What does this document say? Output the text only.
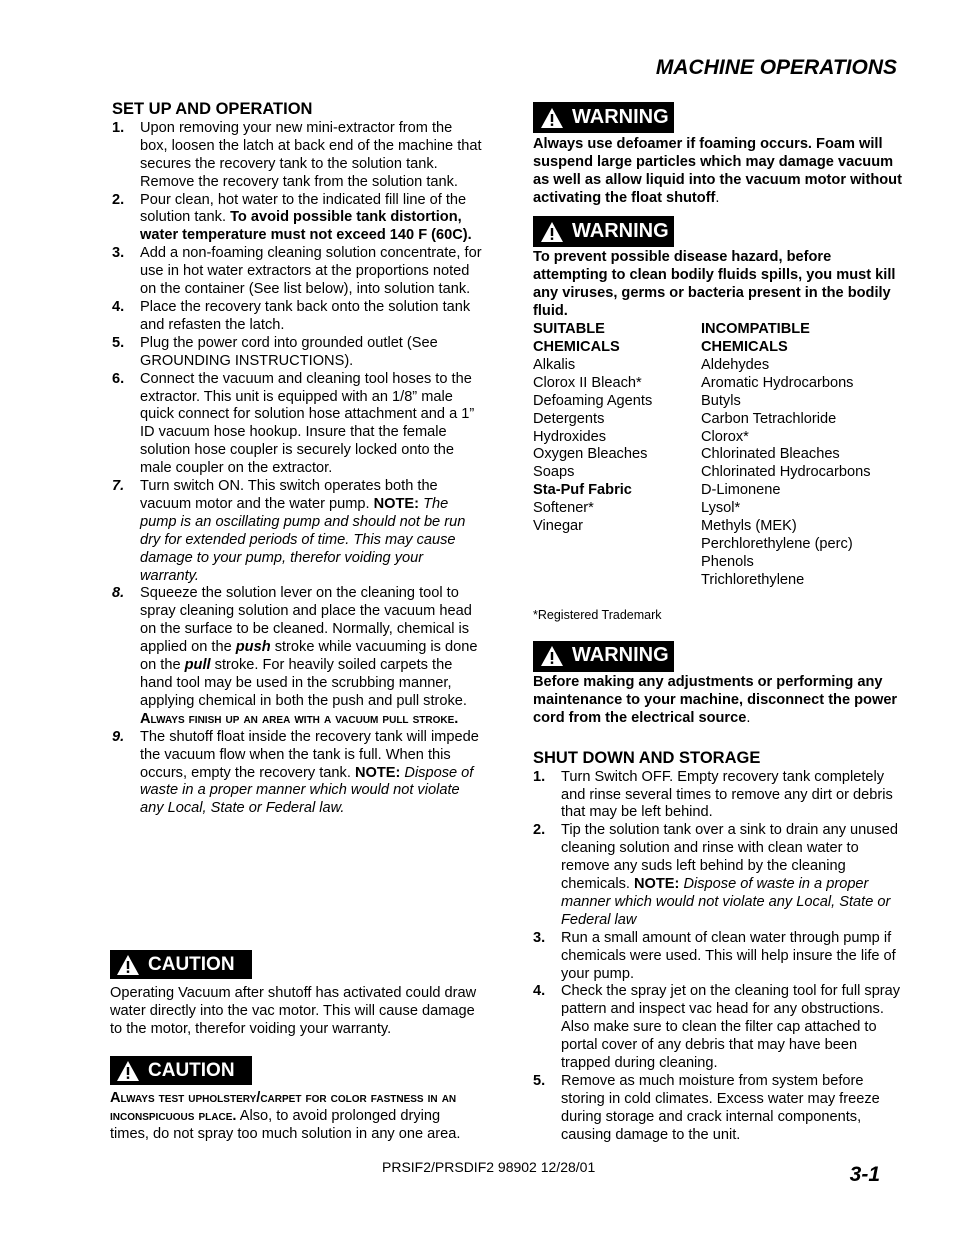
MACHINE OPERATIONS
SET UP AND OPERATION
1. Upon removing your new mini-extractor from the box, loosen the latch at back end of the machine that secures the recovery tank to the solution tank. Remove the recovery tank from the solution tank.
2. Pour clean, hot water to the indicated fill line of the solution tank. To avoid possible tank distortion, water temperature must not exceed 140 F (60C).
3. Add a non-foaming cleaning solution concentrate, for use in hot water extractors at the proportions noted on the container (See list below), into solution tank.
4. Place the recovery tank back onto the solution tank and refasten the latch.
5. Plug the power cord into grounded outlet (See GROUNDING INSTRUCTIONS).
6. Connect the vacuum and cleaning tool hoses to the extractor. This unit is equipped with an 1/8” male quick connect for solution hose attachment and a 1” ID vacuum hose hookup. Insure that the female solution hose coupler is securely locked onto the male coupler on the extractor.
7. Turn switch ON. This switch operates both the vacuum motor and the water pump. NOTE: The pump is an oscillating pump and should not be run dry for extended periods of time. This may cause damage to your pump, therefor voiding your warranty.
8. Squeeze the solution lever on the cleaning tool to spray cleaning solution and place the vacuum head on the surface to be cleaned. Normally, chemical is applied on the push stroke while vacuuming is done on the pull stroke. For heavily soiled carpets the hand tool may be used in the scrubbing manner, applying chemical in both the push and pull stroke. Always finish up an area with a vacuum pull stroke.
9. The shutoff float inside the recovery tank will impede the vacuum flow when the tank is full. When this occurs, empty the recovery tank. NOTE: Dispose of waste in a proper manner which would not violate any Local, State or Federal law.
CAUTION

Operating Vacuum after shutoff has activated could draw water directly into the vac motor. This will cause damage to the motor, therefor voiding your warranty.

CAUTION

Always test upholstery/carpet for color fastness in an inconspicuous place. Also, to avoid prolonged drying times, do not spray too much solution in any one area.

WARNING

Always use defoamer if foaming occurs. Foam will suspend large particles which may damage vacuum as well as allow liquid into the vacuum motor without activating the float shutoff.

WARNING

To prevent possible disease hazard, before attempting to clean bodily fluids spills, you must kill any viruses, germs or bacteria present in the bodily fluid.

SUITABLE
CHEMICALS
Alkalis
Clorox II Bleach*
Defoaming Agents
Detergents
Hydroxides
Oxygen Bleaches
Soaps
Sta-Puf Fabric
Softener*
Vinegar
INCOMPATIBLE
CHEMICALS
Aldehydes
Aromatic Hydrocarbons
Butyls
Carbon Tetrachloride
Clorox*
Chlorinated Bleaches
Chlorinated Hydrocarbons
D-Limonene
Lysol*
Methyls (MEK)
Perchlorethylene (perc)
Phenols
Trichlorethylene
*Registered Trademark
WARNING

Before making any adjustments or performing any maintenance to your machine, disconnect the power cord from the electrical source.

SHUT DOWN AND STORAGE
1. Turn Switch OFF. Empty recovery tank completely and rinse several times to remove any dirt or debris that may be left behind.
2. Tip the solution tank over a sink to drain any unused cleaning solution and rinse with clean water to remove any suds left behind by the cleaning chemicals. NOTE: Dispose of waste in a proper manner which would not violate any Local, State or Federal law
3. Run a small amount of clean water through pump if chemicals were used. This will help insure the life of your pump.
4. Check the spray jet on the cleaning tool for full spray pattern and inspect vac head for any obstructions. Also make sure to clean the filter cap attached to portal cover of any debris that may have been trapped during cleaning.
5. Remove as much moisture from system before storing in cold climates. Excess water may freeze during storage and crack internal components, causing damage to the unit.
PRSIF2/PRSDIF2 98902 12/28/01	3-1
